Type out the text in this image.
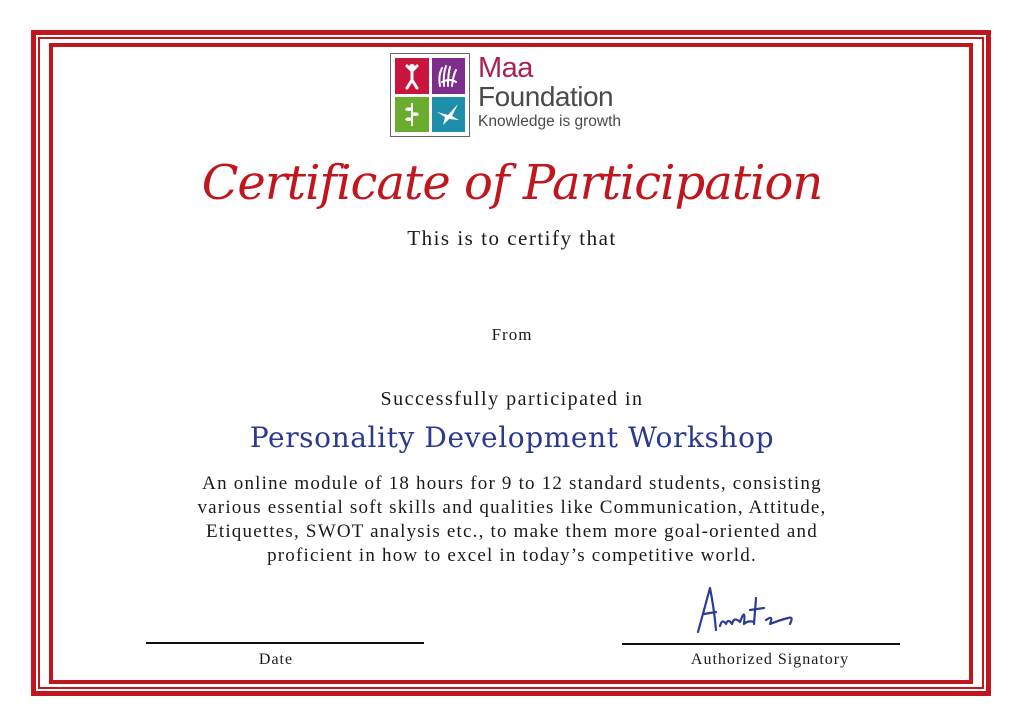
Maa
Foundation
Knowledge is growth
Certificate of Participation
This is to certify that
From
Successfully participated in
Personality Development Workshop
An online module of 18 hours for 9 to 12 standard students, consisting
various essential soft skills and qualities like Communication, Attitude,
Etiquettes, SWOT analysis etc., to make them more goal-oriented and
proficient in how to excel in today’s competitive world.
Date	Authorized Signatory
